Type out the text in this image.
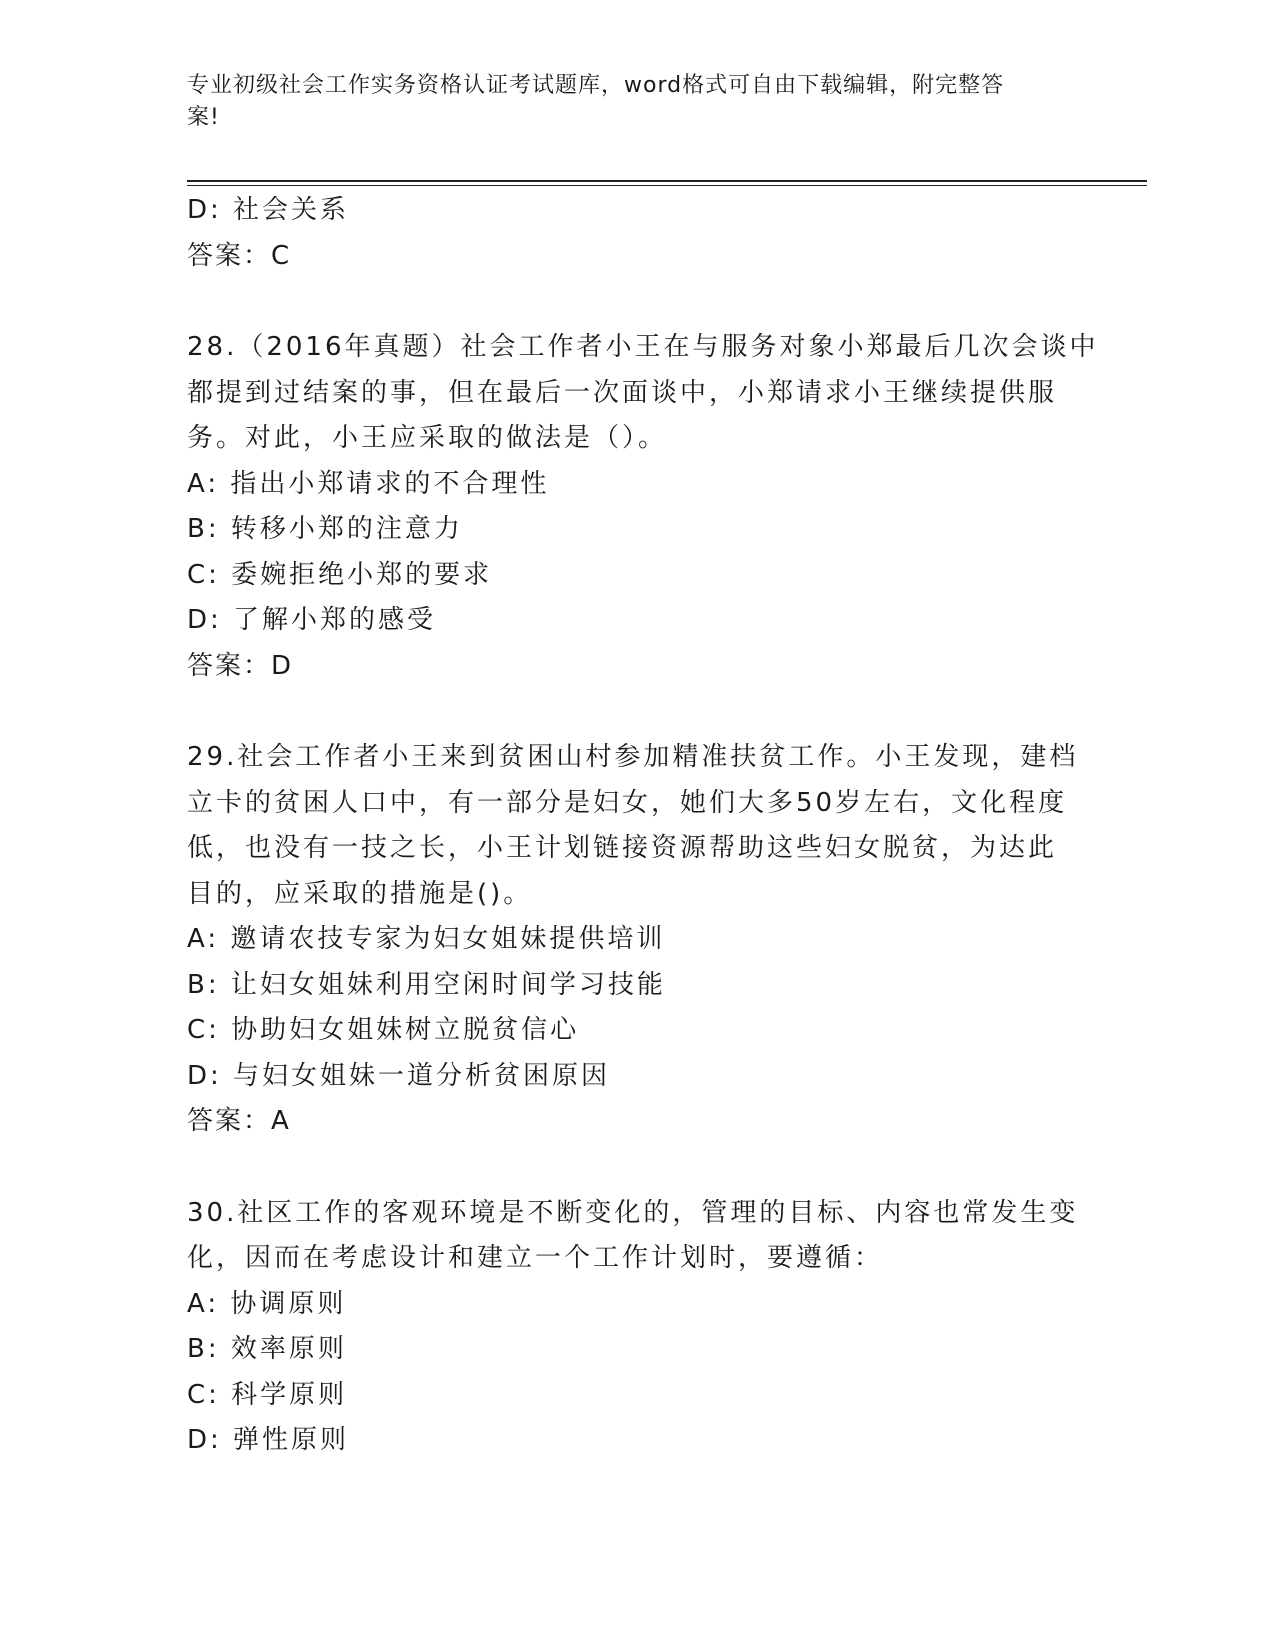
专业初级社会工作实务资格认证考试题库，word格式可自由下载编辑，附完整答
案!
D: 社会关系
答案：C
28.（2016年真题）社会工作者小王在与服务对象小郑最后几次会谈中
都提到过结案的事，但在最后一次面谈中，小郑请求小王继续提供服
务。对此，小王应采取的做法是（）。
A: 指出小郑请求的不合理性
B: 转移小郑的注意力
C: 委婉拒绝小郑的要求
D: 了解小郑的感受
答案：D
29.社会工作者小王来到贫困山村参加精准扶贫工作。小王发现，建档
立卡的贫困人口中，有一部分是妇女，她们大多50岁左右，文化程度
低，也没有一技之长，小王计划链接资源帮助这些妇女脱贫，为达此
目的，应采取的措施是()。
A: 邀请农技专家为妇女姐妹提供培训
B: 让妇女姐妹利用空闲时间学习技能
C: 协助妇女姐妹树立脱贫信心
D: 与妇女姐妹一道分析贫困原因
答案：A
30.社区工作的客观环境是不断变化的，管理的目标、内容也常发生变
化，因而在考虑设计和建立一个工作计划时，要遵循：
A: 协调原则
B: 效率原则
C: 科学原则
D: 弹性原则
